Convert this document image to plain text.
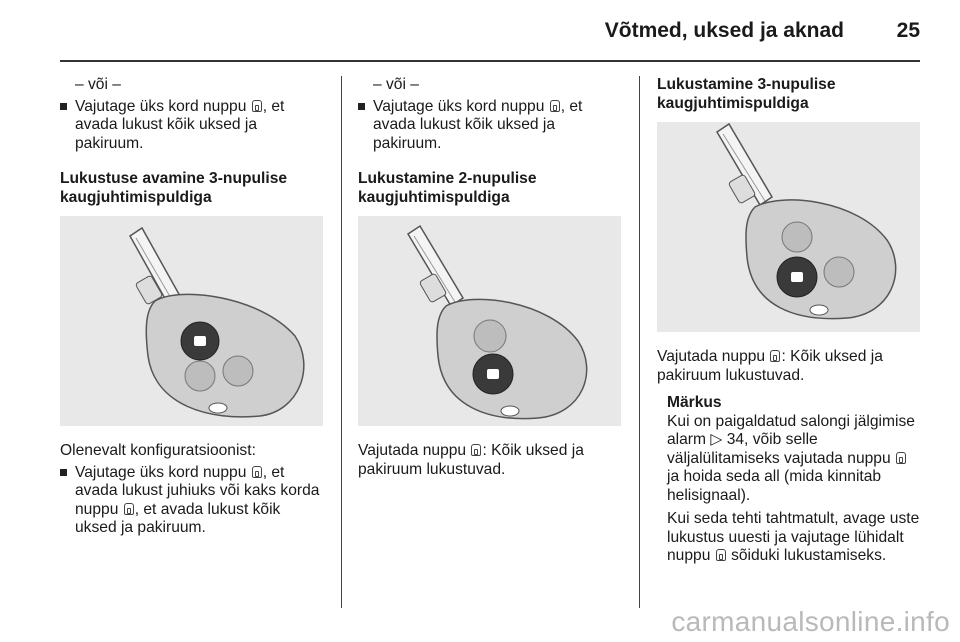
Võtmed, uksed ja aknad	25

– või –

Vajutage üks kord nuppu , et avada lukust kõik uksed ja pakiruum.

Lukustuse avamine 3-nupulise kaugjuhtimispuldiga

Olenevalt konfiguratsioonist:

Vajutage üks kord nuppu , et avada lukust juhiuks või kaks korda nuppu , et avada lukust kõik uksed ja pakiruum.

– või –

Vajutage üks kord nuppu , et avada lukust kõik uksed ja pakiruum.

Lukustamine 2-nupulise kaugjuhtimispuldiga

Vajutada nuppu : Kõik uksed ja pakiruum lukustuvad.

Lukustamine 3-nupulise kaugjuhtimispuldiga

Vajutada nuppu : Kõik uksed ja pakiruum lukustuvad.

Märkus

Kui on paigaldatud salongi jälgimise alarm ▷ 34, võib selle väljalülitamiseks vajutada nuppu  ja hoida seda all (mida kinnitab helisignaal).

Kui seda tehti tahtmatult, avage uste lukustus uuesti ja vajutage lühidalt nuppu sõiduki lukustamiseks.

carmanualsonline.info
